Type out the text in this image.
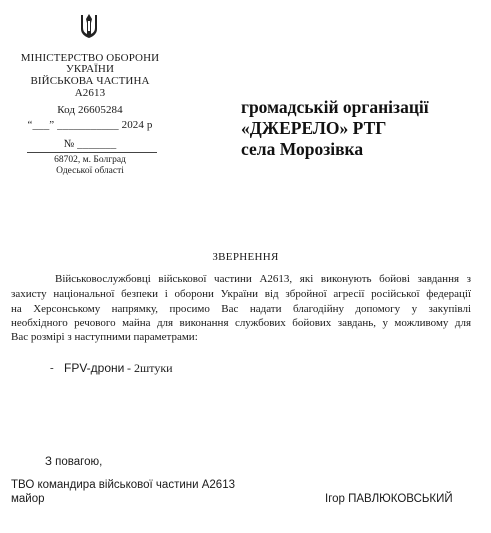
МІНІСТЕРСТВО ОБОРОНИ
УКРАЇНИ
ВІЙСЬКОВА ЧАСТИНА
А2613
Код 26605284
“___” ___________ 2024 р
№ _______
68702, м. Болград
Одеської області
громадській організації
«ДЖЕРЕЛО» РТГ
села Морозівка
ЗВЕРНЕННЯ
Військовослужбовці військової частини А2613, які виконують бойові завдання з
захисту національної безпеки і оборони України від збройної агресії російської федерації
на Херсонському напрямку, просимо Вас надати благодійну допомогу у закупівлі
необхідного речового майна для виконання службових бойових завдань, у можливому для
Вас розмірі з наступними параметрами:
- FPV-дрони - 2штуки
З повагою,
ТВО командира військової частини А2613
майор	Ігор ПАВЛЮКОВСЬКИЙ
